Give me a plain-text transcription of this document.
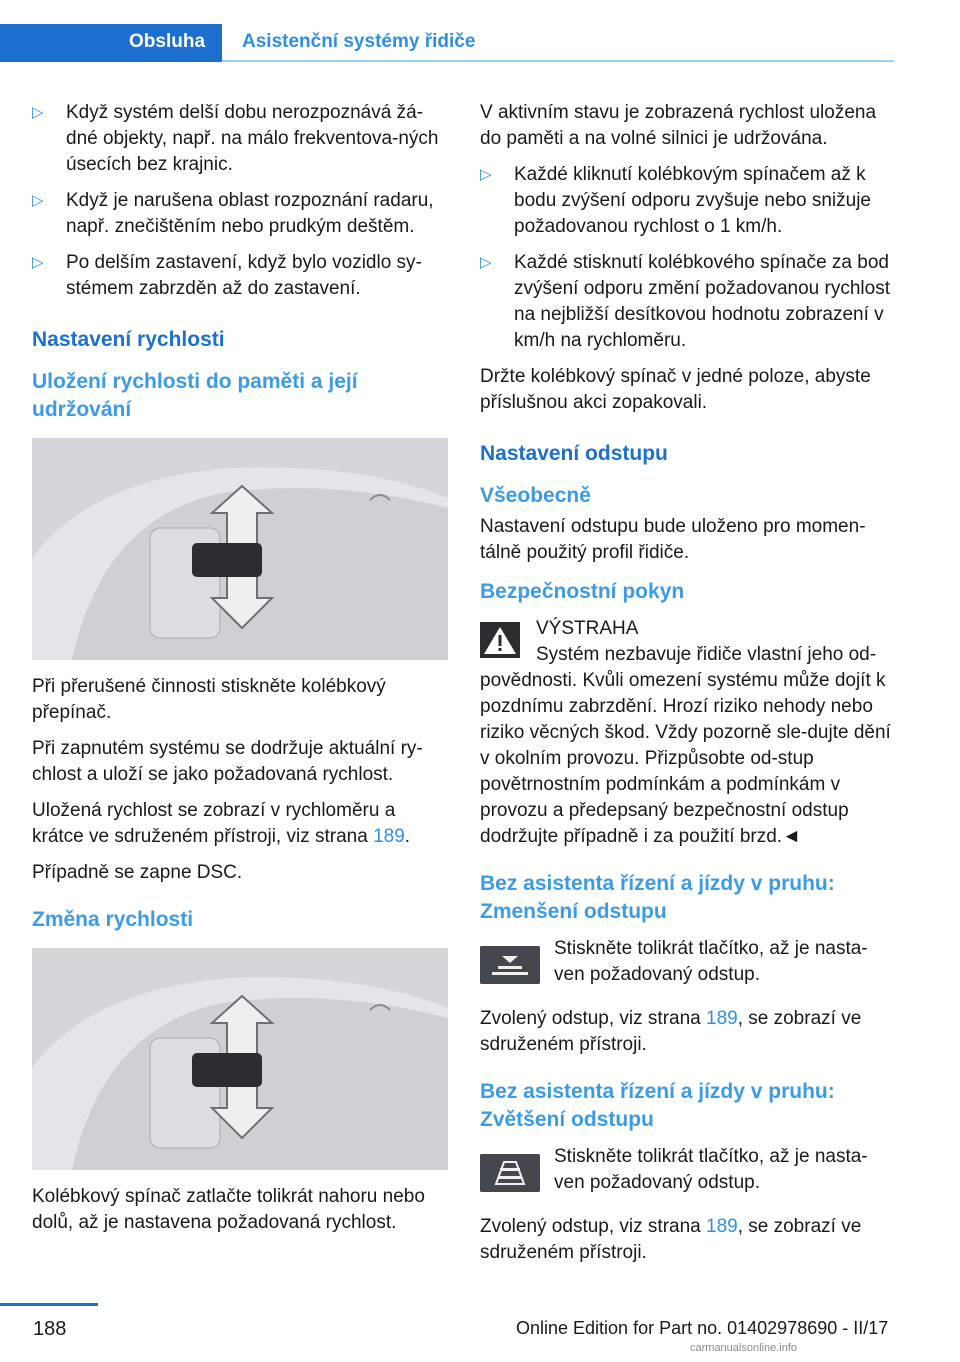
Obsluha Asistenční systémy řidiče
▷ Když systém delší dobu nerozpoznává žá-dné objekty, např. na málo frekventova-ných úsecích bez krajnic.
▷ Když je narušena oblast rozpoznání radaru, např. znečištěním nebo prudkým deštěm.
▷ Po delším zastavení, když bylo vozidlo sy-stémem zabrzděn až do zastavení.
Nastavení rychlosti
Uložení rychlosti do paměti a její udržování

Při přerušené činnosti stiskněte kolébkový přepínač.

Při zapnutém systému se dodržuje aktuální ry-chlost a uloží se jako požadovaná rychlost.

Uložená rychlost se zobrazí v rychloměru a krátce ve sdruženém přístroji, viz strana 189.

Případně se zapne DSC.

Změna rychlosti

Kolébkový spínač zatlačte tolikrát nahoru nebo dolů, až je nastavena požadovaná rychlost.

V aktivním stavu je zobrazená rychlost uložena do paměti a na volné silnici je udržována.

▷ Každé kliknutí kolébkovým spínačem až k bodu zvýšení odporu zvyšuje nebo snižuje požadovanou rychlost o 1 km/h.
▷ Každé stisknutí kolébkového spínače za bod zvýšení odporu změní požadovanou rychlost na nejbližší desítkovou hodnotu zobrazení v km/h na rychloměru.

Držte kolébkový spínač v jedné poloze, abyste příslušnou akci zopakovali.

Nastavení odstupu
Všeobecně

Nastavení odstupu bude uloženo pro momen-tálně použitý profil řidiče.

Bezpečnostní pokyn
VÝSTRAHA

Systém nezbavuje řidiče vlastní jeho od-povědnosti. Kvůli omezení systému může dojít k pozdnímu zabrzdění. Hrozí riziko nehody nebo riziko věcných škod. Vždy pozorně sle-dujte dění v okolním provozu. Přizpůsobte od-stup povětrnostním podmínkám a podmínkám v provozu a předepsaný bezpečnostní odstup dodržujte případně i za použití brzd.◄

Bez asistenta řízení a jízdy v pruhu: Zmenšení odstupu
Stiskněte tolikrát tlačítko, až je nasta-ven požadovaný odstup.

Zvolený odstup, viz strana 189, se zobrazí ve sdruženém přístroji.

Bez asistenta řízení a jízdy v pruhu: Zvětšení odstupu
Stiskněte tolikrát tlačítko, až je nasta-ven požadovaný odstup.

Zvolený odstup, viz strana 189, se zobrazí ve sdruženém přístroji.

188	Online Edition for Part no. 01402978690 - II/17
carmanualsonline.info
